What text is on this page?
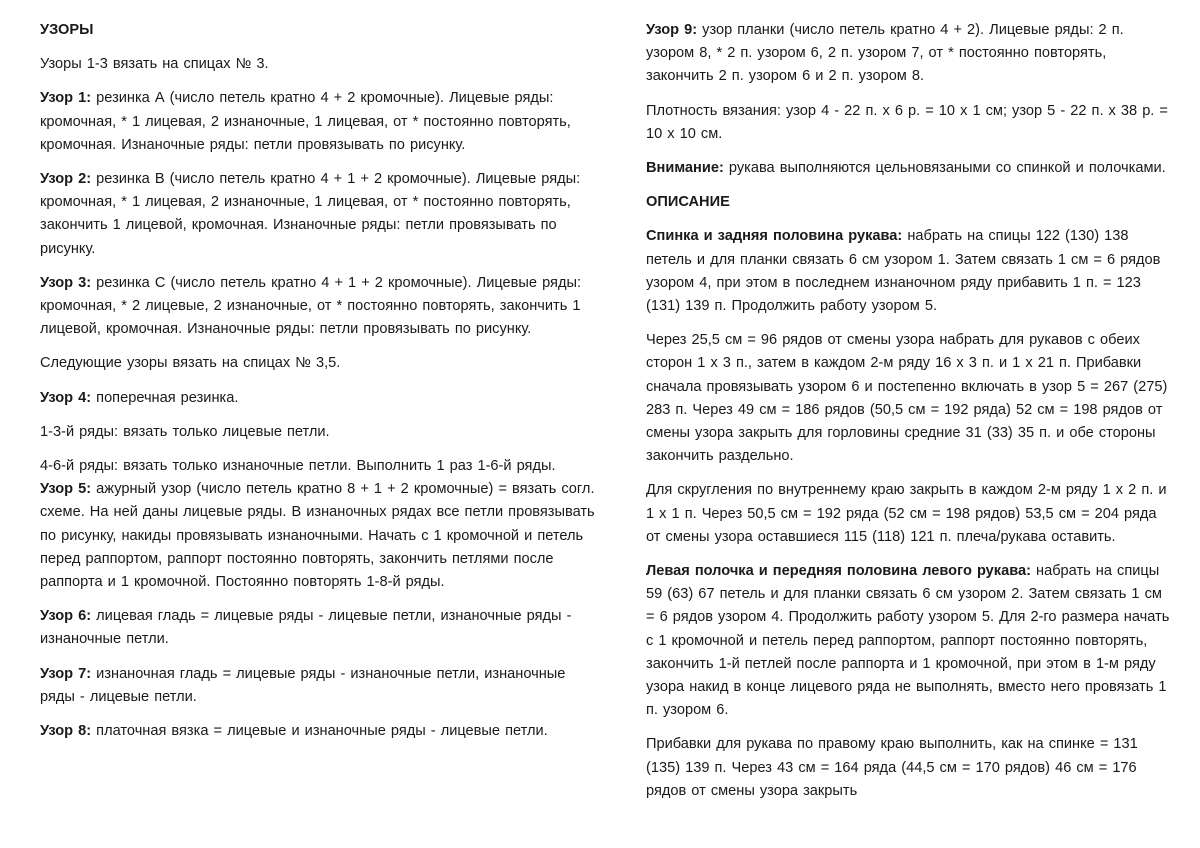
УЗОРЫ

Узоры 1-3 вязать на спицах № 3.

Узор 1: резинка А (число петель кратно 4 + 2 кромочные). Лицевые ряды: кромочная, * 1 лицевая, 2 изнаночные, 1 лицевая, от * постоянно повторять, кромочная. Изнаночные ряды: петли провязывать по рисунку.

Узор 2: резинка В (число петель кратно 4 + 1 + 2 кромочные). Лицевые ряды: кромочная, * 1 лицевая, 2 изнаночные, 1 лицевая, от * постоянно повторять, закончить 1 лицевой, кромочная. Изнаночные ряды: петли провязывать по рисунку.

Узор 3: резинка С (число петель кратно 4 + 1 + 2 кромочные). Лицевые ряды: кромочная, * 2 лицевые, 2 изнаночные, от * постоянно повторять, закончить 1 лицевой, кромочная. Изнаночные ряды: петли провязывать по рисунку.

Следующие узоры вязать на спицах № 3,5.

Узор 4: поперечная резинка.

1-3-й ряды: вязать только лицевые петли.

4-6-й ряды: вязать только изнаночные петли. Выполнить 1 раз 1-6-й ряды.

Узор 5: ажурный узор (число петель кратно 8 + 1 + 2 кромочные) = вязать согл. схеме. На ней даны лицевые ряды. В изнаночных рядах все петли провязывать по рисунку, накиды провязывать изнаночными. Начать с 1 кромочной и петель перед раппортом, раппорт постоянно повторять, закончить петлями после раппорта и 1 кромочной. Постоянно повторять 1-8-й ряды.

Узор 6: лицевая гладь = лицевые ряды - лицевые петли, изнаночные ряды - изнаночные петли.

Узор 7: изнаночная гладь = лицевые ряды - изнаночные петли, изнаночные ряды - лицевые петли.

Узор 8: платочная вязка = лицевые и изнаночные ряды - лицевые петли.

Узор 9: узор планки (число петель кратно 4 + 2). Лицевые ряды: 2 п. узором 8, * 2 п. узором 6, 2 п. узором 7, от * постоянно повторять, закончить 2 п. узором 6 и 2 п. узором 8.

Плотность вязания: узор 4 - 22 п. х 6 р. = 10 х 1 см; узор 5 - 22 п. х 38 р. = 10 х 10 см.

Внимание: рукава выполняются цельновязаными со спинкой и полочками.

ОПИСАНИЕ

Спинка и задняя половина рукава: набрать на спицы 122 (130) 138 петель и для планки связать 6 см узором 1. Затем связать 1 см = 6 рядов узором 4, при этом в последнем изнаночном ряду прибавить 1 п. = 123 (131) 139 п. Продолжить работу узором 5.

Через 25,5 см = 96 рядов от смены узора набрать для рукавов с обеих сторон 1 х 3 п., затем в каждом 2-м ряду 16 х 3 п. и 1 х 21 п. Прибавки сначала провязывать узором 6 и постепенно включать в узор 5 = 267 (275) 283 п. Через 49 см = 186 рядов (50,5 см = 192 ряда) 52 см = 198 рядов от смены узора закрыть для горловины средние 31 (33) 35 п. и обе стороны закончить раздельно.

Для скругления по внутреннему краю закрыть в каждом 2-м ряду 1 х 2 п. и 1 х 1 п. Через 50,5 см = 192 ряда (52 см = 198 рядов) 53,5 см = 204 ряда от смены узора оставшиеся 115 (118) 121 п. плеча/рукава оставить.

Левая полочка и передняя половина левого рукава: набрать на спицы 59 (63) 67 петель и для планки связать 6 см узором 2. Затем связать 1 см = 6 рядов узором 4. Продолжить работу узором 5. Для 2-го размера начать с 1 кромочной и петель перед раппортом, раппорт постоянно повторять, закончить 1-й петлей после раппорта и 1 кромочной, при этом в 1-м ряду узора накид в конце лицевого ряда не выполнять, вместо него провязать 1 п. узором 6.

Прибавки для рукава по правому краю выполнить, как на спинке = 131 (135) 139 п. Через 43 см = 164 ряда (44,5 см = 170 рядов) 46 см = 176 рядов от смены узора закрыть
